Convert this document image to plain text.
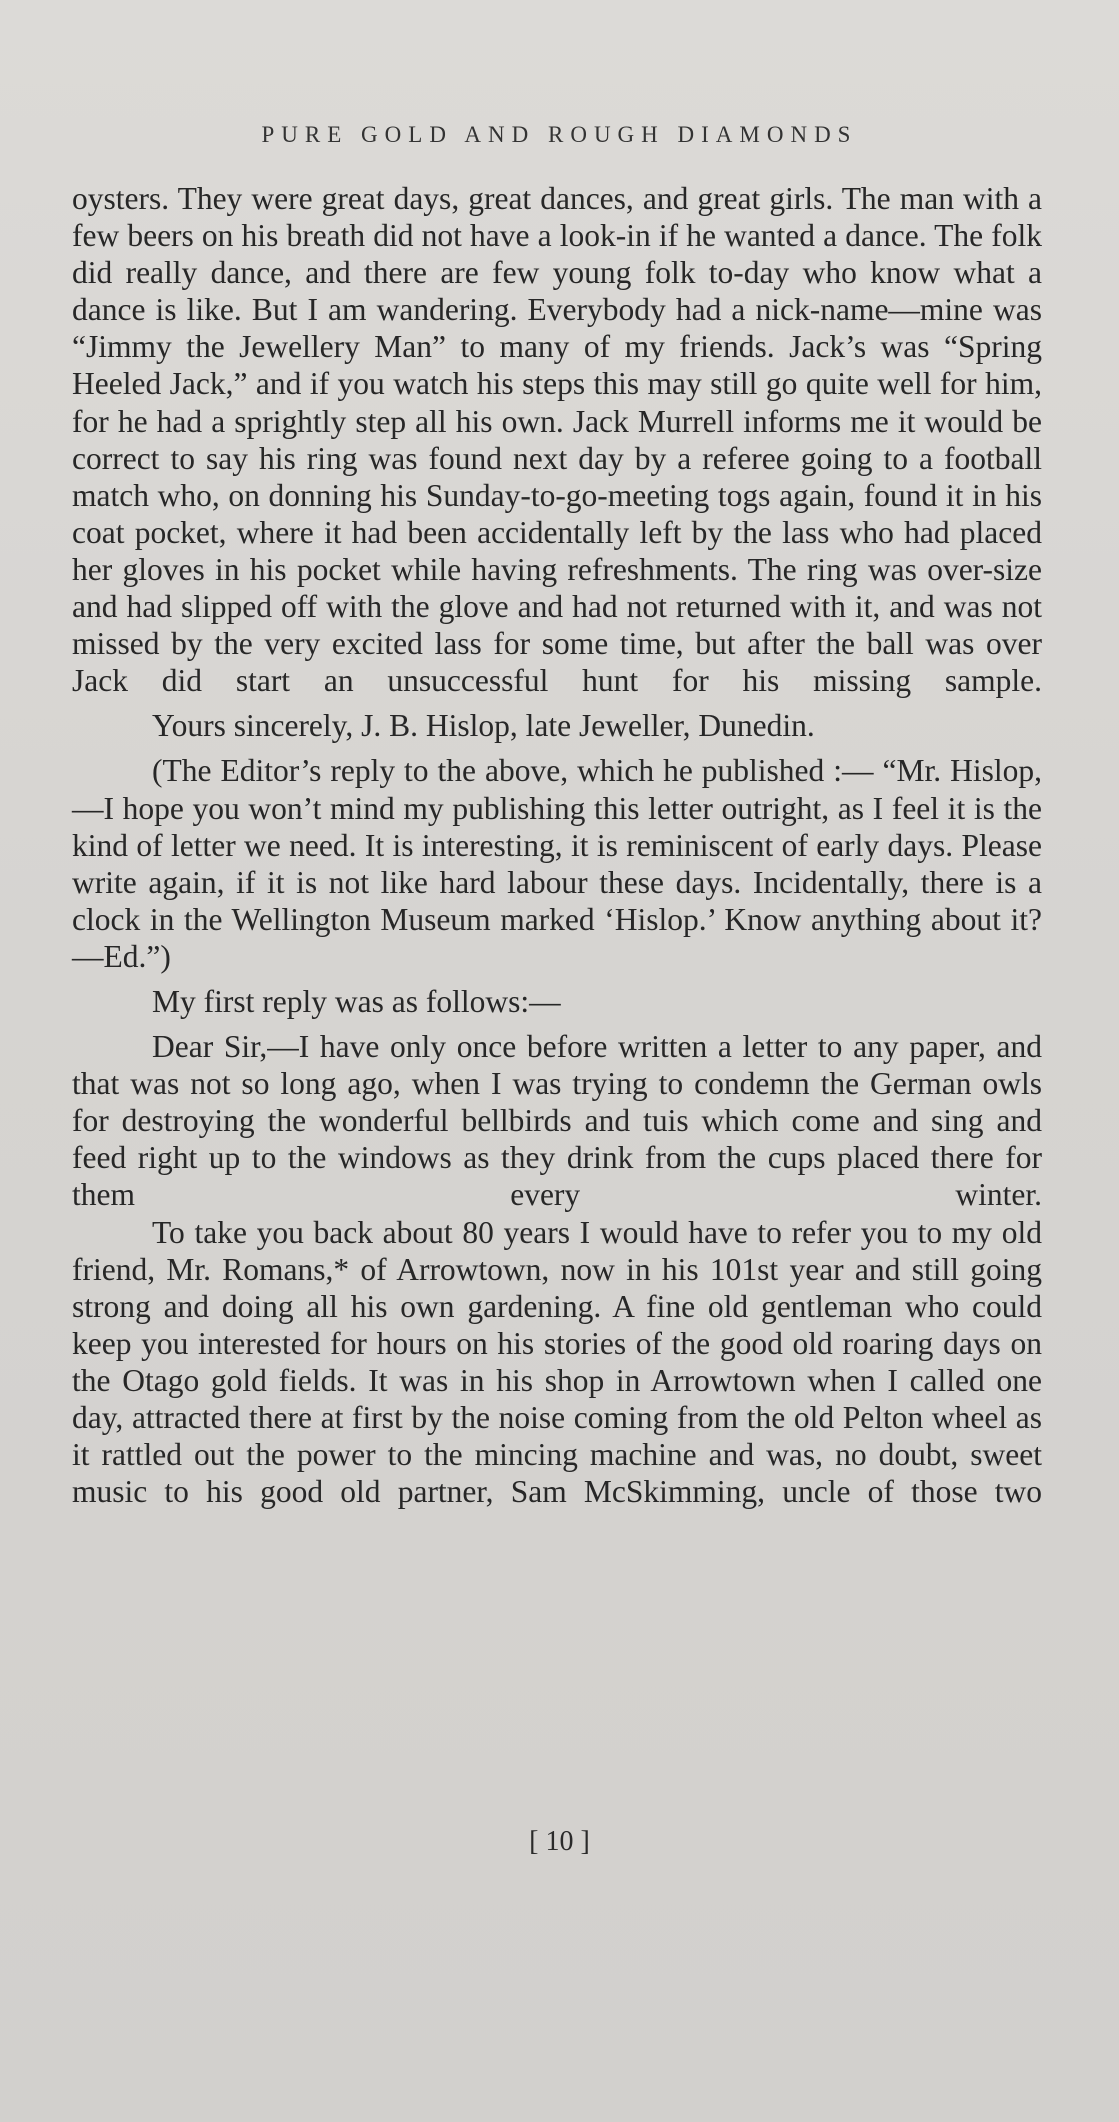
PURE GOLD AND ROUGH DIAMONDS

oysters. They were great days, great dances, and great girls. The man with a few beers on his breath did not have a look-in if he wanted a dance. The folk did really dance, and there are few young folk to-day who know what a dance is like. But I am wandering. Everybody had a nick-name—mine was “Jimmy the Jewellery Man” to many of my friends. Jack’s was “Spring Heeled Jack,” and if you watch his steps this may still go quite well for him, for he had a sprightly step all his own. Jack Murrell informs me it would be correct to say his ring was found next day by a referee going to a football match who, on donning his Sunday-to-go-meeting togs again, found it in his coat pocket, where it had been accidentally left by the lass who had placed her gloves in his pocket while having refreshments. The ring was over-size and had slipped off with the glove and had not returned with it, and was not missed by the very excited lass for some time, but after the ball was over Jack did start an unsuccessful hunt for his missing sample.

Yours sincerely, J. B. Hislop, late Jeweller, Dunedin.

(The Editor’s reply to the above, which he published :— “Mr. Hislop,—I hope you won’t mind my publishing this letter outright, as I feel it is the kind of letter we need. It is interesting, it is reminiscent of early days. Please write again, if it is not like hard labour these days. Incidentally, there is a clock in the Wellington Museum marked ‘Hislop.’ Know anything about it?—Ed.”)

My first reply was as follows:—

Dear Sir,—I have only once before written a letter to any paper, and that was not so long ago, when I was trying to condemn the German owls for destroying the wonderful bellbirds and tuis which come and sing and feed right up to the windows as they drink from the cups placed there for them every winter.

To take you back about 80 years I would have to refer you to my old friend, Mr. Romans,* of Arrowtown, now in his 101st year and still going strong and doing all his own gardening. A fine old gentleman who could keep you interested for hours on his stories of the good old roaring days on the Otago gold fields. It was in his shop in Arrowtown when I called one day, attracted there at first by the noise coming from the old Pelton wheel as it rattled out the power to the mincing machine and was, no doubt, sweet music to his good old partner, Sam McSkimming, uncle of those two

[ 10 ]
